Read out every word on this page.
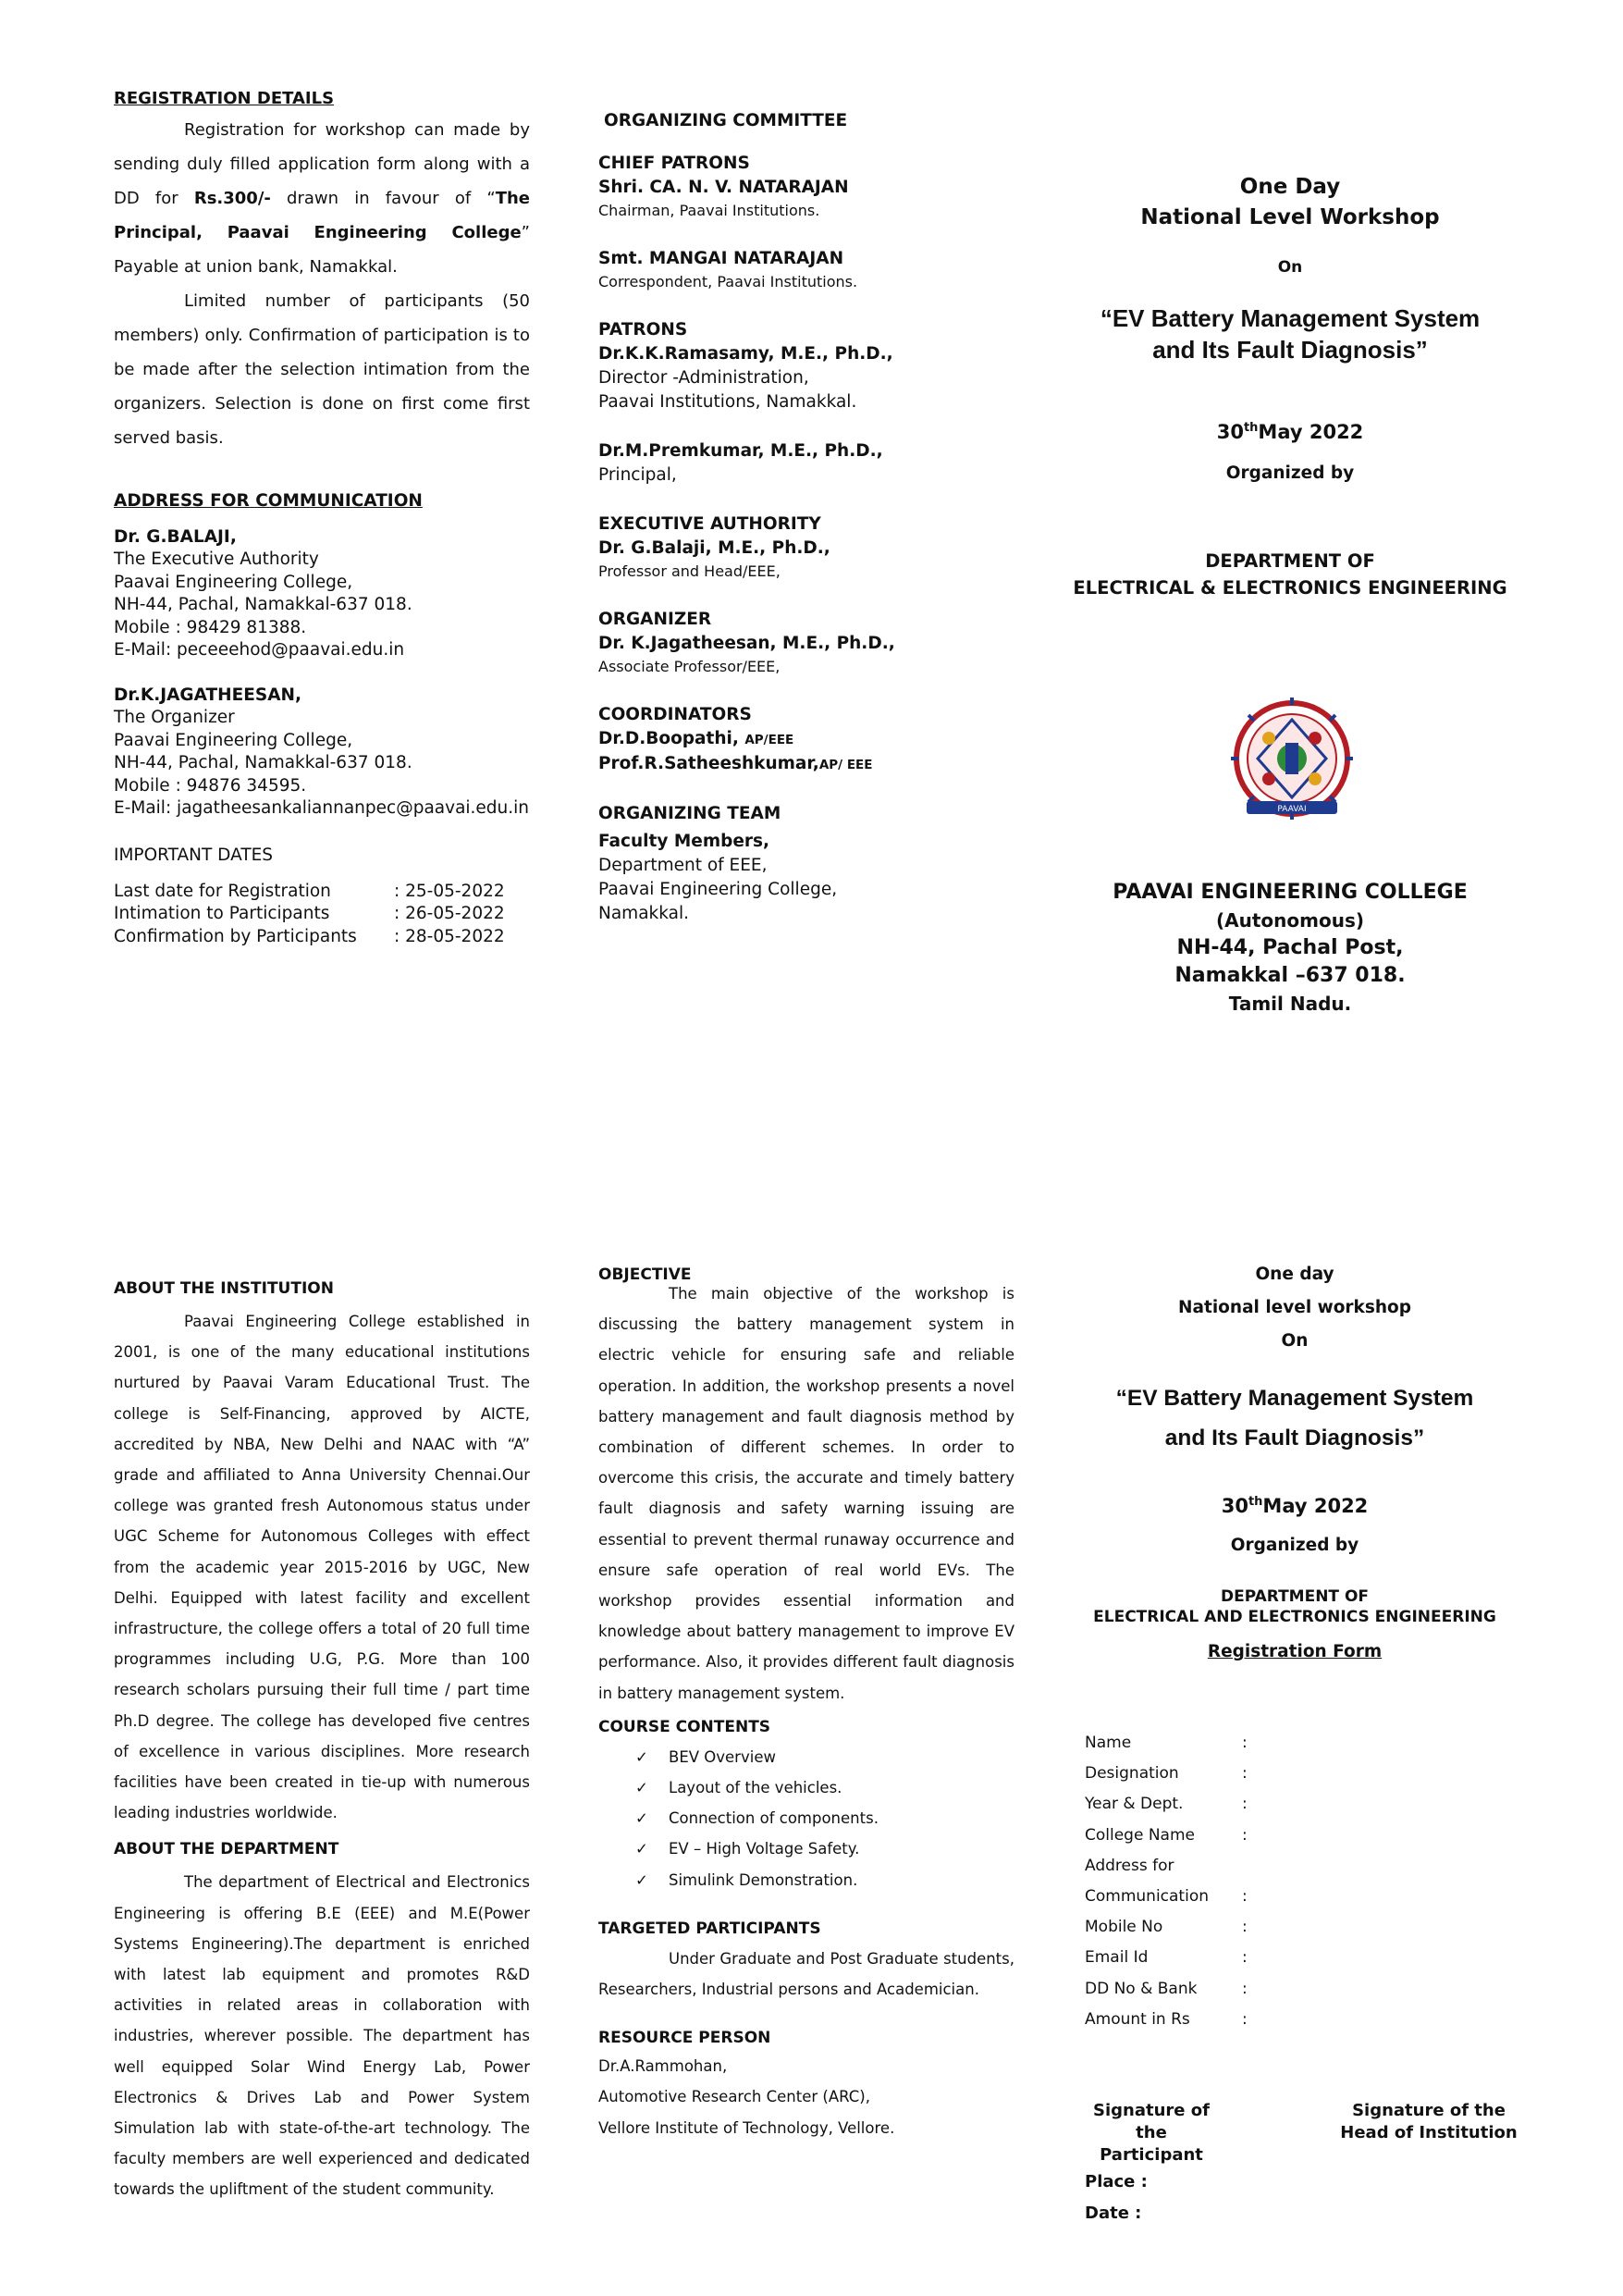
REGISTRATION DETAILS

Registration for workshop can made by sending duly filled application form along with a DD for Rs.300/- drawn in favour of “The Principal, Paavai Engineering College” Payable at union bank, Namakkal.

Limited number of participants (50 members) only. Confirmation of participation is to be made after the selection intimation from the organizers. Selection is done on first come first served basis.

ADDRESS FOR COMMUNICATION
Dr. G.BALAJI,
The Executive Authority
Paavai Engineering College,
NH-44, Pachal, Namakkal-637 018.
Mobile : 98429 81388.
E-Mail: peceeehod@paavai.edu.in
Dr.K.JAGATHEESAN,
The Organizer
Paavai Engineering College,
NH-44, Pachal, Namakkal-637 018.
Mobile : 94876 34595.
E-Mail: jagatheesankaliannanpec@paavai.edu.in
IMPORTANT DATES
Last date for Registration	: 25-05-2022
Intimation to Participants	: 26-05-2022
Confirmation by Participants	: 28-05-2022
ORGANIZING COMMITTEE
CHIEF PATRONS
Shri. CA. N. V. NATARAJAN
Chairman, Paavai Institutions.
Smt. MANGAI NATARAJAN
Correspondent, Paavai Institutions.
PATRONS
Dr.K.K.Ramasamy, M.E., Ph.D.,
Director -Administration,
Paavai Institutions, Namakkal.
Dr.M.Premkumar, M.E., Ph.D.,
Principal,
EXECUTIVE AUTHORITY
Dr. G.Balaji, M.E., Ph.D.,
Professor and Head/EEE,
ORGANIZER
Dr. K.Jagatheesan, M.E., Ph.D.,
Associate Professor/EEE,
COORDINATORS
Dr.D.Boopathi, AP/EEE
Prof.R.Satheeshkumar,AP/ EEE
ORGANIZING TEAM
Faculty Members,
Department of EEE,
Paavai Engineering College,
Namakkal.
One Day
National Level Workshop
On
“EV Battery Management System
and Its Fault Diagnosis”
30thMay 2022
Organized by
DEPARTMENT OF
ELECTRICAL & ELECTRONICS ENGINEERING
PAAVAI
PAAVAI ENGINEERING COLLEGE
(Autonomous)
NH-44, Pachal Post,
Namakkal –637 018.
Tamil Nadu.
ABOUT THE INSTITUTION

Paavai Engineering College established in 2001, is one of the many educational institutions nurtured by Paavai Varam Educational Trust. The college is Self-Financing, approved by AICTE, accredited by NBA, New Delhi and NAAC with “A” grade and affiliated to Anna University Chennai.Our college was granted fresh Autonomous status under UGC Scheme for Autonomous Colleges with effect from the academic year 2015-2016 by UGC, New Delhi. Equipped with latest facility and excellent infrastructure, the college offers a total of 20 full time programmes including U.G, P.G. More than 100 research scholars pursuing their full time / part time Ph.D degree. The college has developed five centres of excellence in various disciplines. More research facilities have been created in tie-up with numerous leading industries worldwide.

ABOUT THE DEPARTMENT

The department of Electrical and Electronics Engineering is offering B.E (EEE) and M.E(Power Systems Engineering).The department is enriched with latest lab equipment and promotes R&D activities in related areas in collaboration with industries, wherever possible. The department has well equipped Solar Wind Energy Lab, Power Electronics & Drives Lab and Power System Simulation lab with state-of-the-art technology. The faculty members are well experienced and dedicated towards the upliftment of the student community.

OBJECTIVE

The main objective of the workshop is discussing the battery management system in electric vehicle for ensuring safe and reliable operation. In addition, the workshop presents a novel battery management and fault diagnosis method by combination of different schemes. In order to overcome this crisis, the accurate and timely battery fault diagnosis and safety warning issuing are essential to prevent thermal runaway occurrence and ensure safe operation of real world EVs. The workshop provides essential information and knowledge about battery management to improve EV performance. Also, it provides different fault diagnosis in battery management system.

COURSE CONTENTS
✓	BEV Overview
✓	Layout of the vehicles.
✓	Connection of components.
✓	EV – High Voltage Safety.
✓	Simulink Demonstration.
TARGETED PARTICIPANTS

Under Graduate and Post Graduate students, Researchers, Industrial persons and Academician.

RESOURCE PERSON
Dr.A.Rammohan,
Automotive Research Center (ARC),
Vellore Institute of Technology, Vellore.
One day
National level workshop
On
“EV Battery Management System
and Its Fault Diagnosis”
30thMay 2022
Organized by
DEPARTMENT OF
ELECTRICAL AND ELECTRONICS ENGINEERING
Registration Form
Name	:
Designation	:
Year & Dept.	:
College Name	:
Address for
Communication	:
Mobile No	:
Email Id	:
DD No & Bank	:
Amount in Rs	:
Signature of the
Participant
Signature of the
Head of Institution
Place :
Date :
